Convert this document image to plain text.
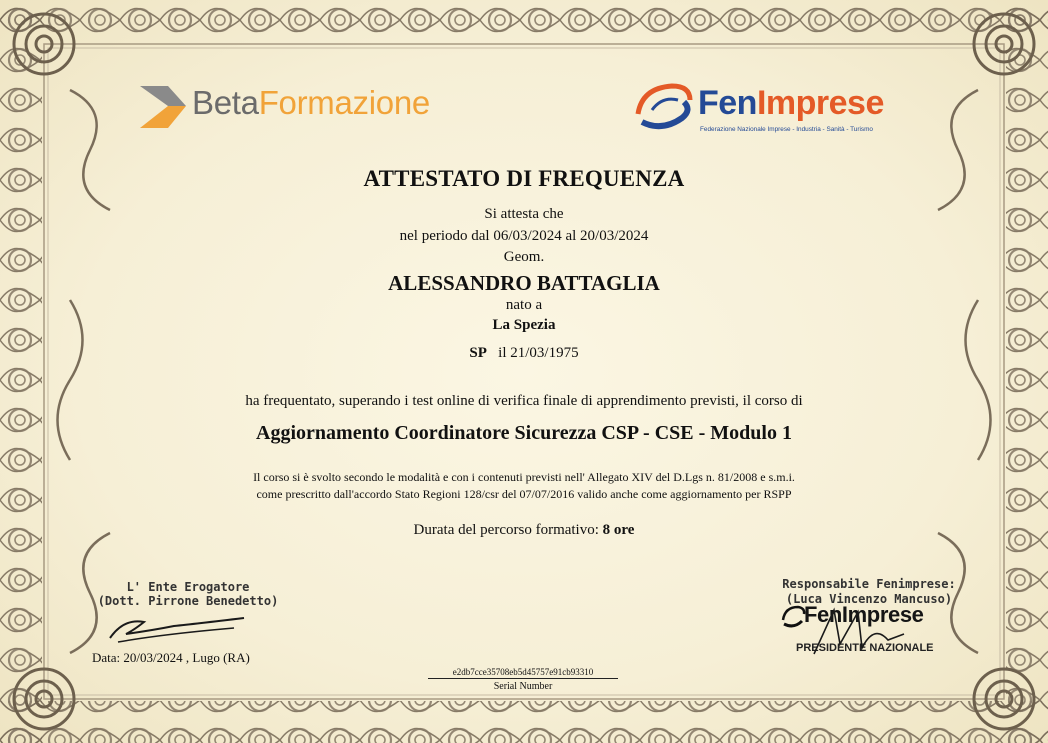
BetaFormazione	FenImprese
Federazione Nazionale Imprese - Industria - Sanità - Turismo
ATTESTATO DI FREQUENZA
Si attesta che
nel periodo dal 06/03/2024 al 20/03/2024
Geom.
ALESSANDRO BATTAGLIA
nato a
La Spezia
SP il 21/03/1975
ha frequentato, superando i test online di verifica finale di apprendimento previsti, il corso di
Aggiornamento Coordinatore Sicurezza CSP - CSE - Modulo 1
Il corso si è svolto secondo le modalità e con i contenuti previsti nell' Allegato XIV del D.Lgs n. 81/2008 e s.m.i.
come prescritto dall'accordo Stato Regioni 128/csr del 07/07/2016 valido anche come aggiornamento per RSPP
Durata del percorso formativo: 8 ore
L' Ente Erogatore
(Dott. Pirrone Benedetto)
Data: 20/03/2024 , Lugo (RA)
e2db7cce35708eb5d45757e91cb93310
Serial Number
Responsabile Fenimprese:
(Luca Vincenzo Mancuso)
FenImprese
PRESIDENTE NAZIONALE
